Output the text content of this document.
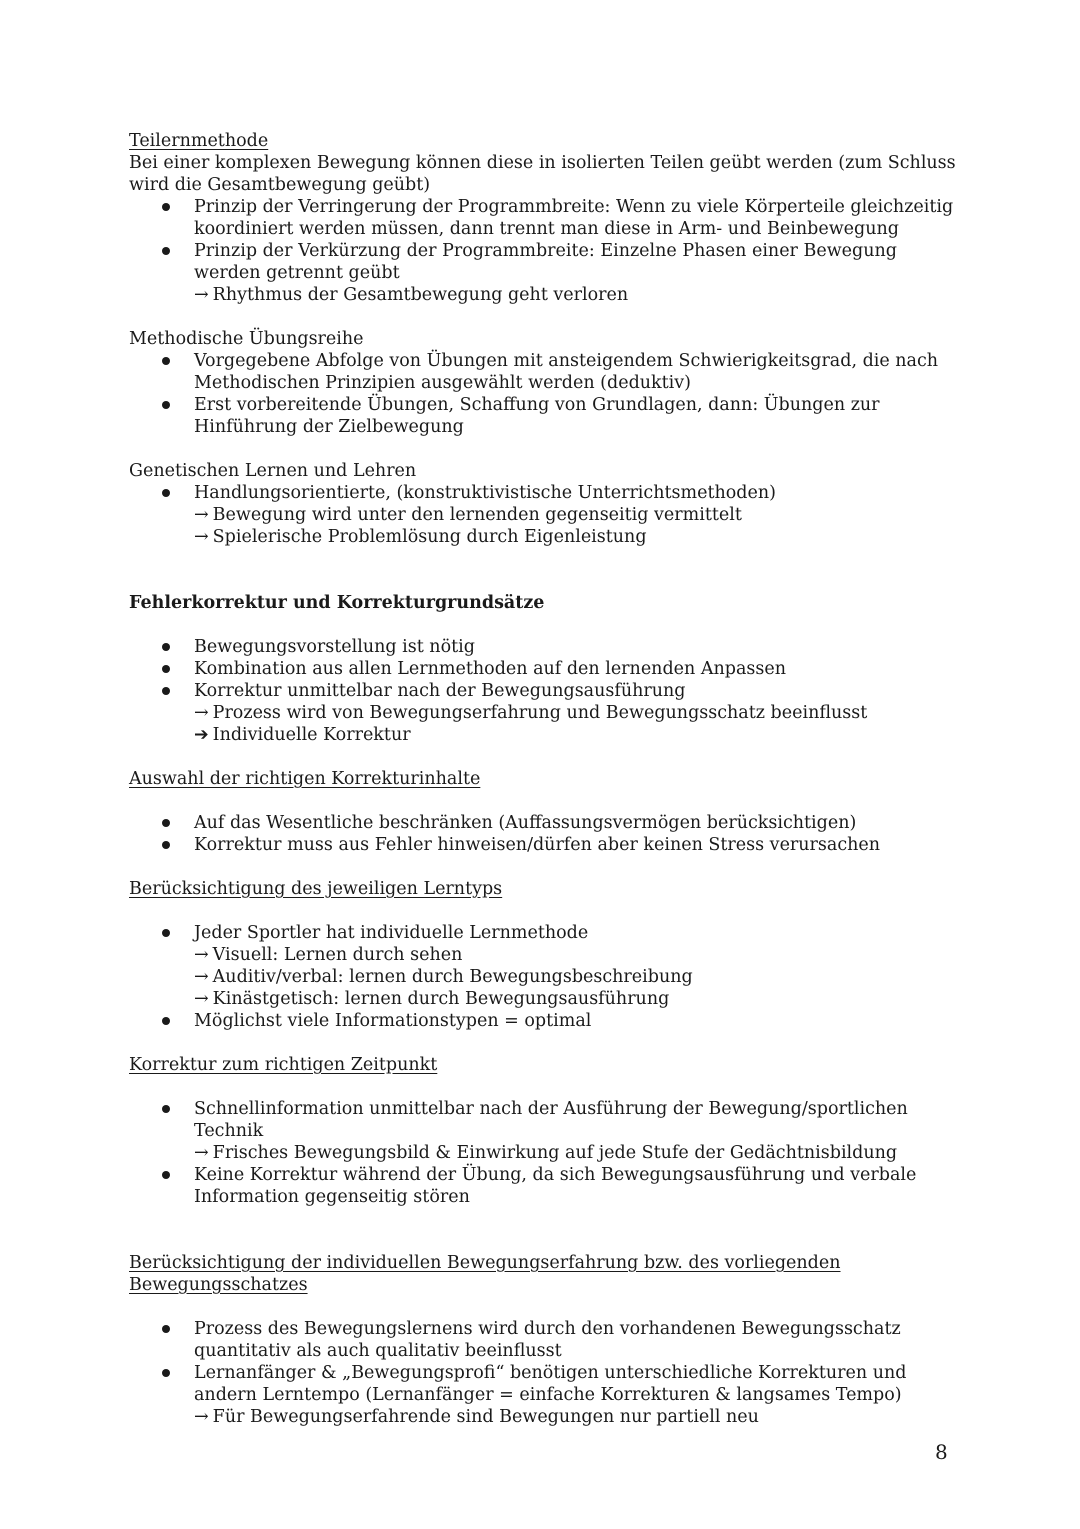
Teilernmethode
Bei einer komplexen Bewegung können diese in isolierten Teilen geübt werden (zum Schluss wird die Gesamtbewegung geübt)
Prinzip der Verringerung der Programmbreite: Wenn zu viele Körperteile gleichzeitig koordiniert werden müssen, dann trennt man diese in Arm- und Beinbewegung
Prinzip der Verkürzung der Programmbreite: Einzelne Phasen einer Bewegung werden getrennt geübt
→ Rhythmus der Gesamtbewegung geht verloren
Methodische Übungsreihe
Vorgegebene Abfolge von Übungen mit ansteigendem Schwierigkeitsgrad, die nach Methodischen Prinzipien ausgewählt werden (deduktiv)
Erst vorbereitende Übungen, Schaffung von Grundlagen, dann: Übungen zur Hinführung der Zielbewegung
Genetischen Lernen und Lehren
Handlungsorientierte, (konstruktivistische Unterrichtsmethoden)
→ Bewegung wird unter den lernenden gegenseitig vermittelt
→ Spielerische Problemlösung durch Eigenleistung
Fehlerkorrektur und Korrekturgrundsätze
Bewegungsvorstellung ist nötig
Kombination aus allen Lernmethoden auf den lernenden Anpassen
Korrektur unmittelbar nach der Bewegungsausführung
→ Prozess wird von Bewegungserfahrung und Bewegungsschatz beeinflusst
➔ Individuelle Korrektur
Auswahl der richtigen Korrekturinhalte
Auf das Wesentliche beschränken (Auffassungsvermögen berücksichtigen)
Korrektur muss aus Fehler hinweisen/dürfen aber keinen Stress verursachen
Berücksichtigung des jeweiligen Lerntyps
Jeder Sportler hat individuelle Lernmethode
→ Visuell: Lernen durch sehen
→ Auditiv/verbal: lernen durch Bewegungsbeschreibung
→ Kinästgetisch: lernen durch Bewegungsausführung
Möglichst viele Informationstypen = optimal
Korrektur zum richtigen Zeitpunkt
Schnellinformation unmittelbar nach der Ausführung der Bewegung/sportlichen Technik
→ Frisches Bewegungsbild & Einwirkung auf jede Stufe der Gedächtnisbildung
Keine Korrektur während der Übung, da sich Bewegungsausführung und verbale Information gegenseitig stören
Berücksichtigung der individuellen Bewegungserfahrung bzw. des vorliegenden Bewegungsschatzes
Prozess des Bewegungslernens wird durch den vorhandenen Bewegungsschatz quantitativ als auch qualitativ beeinflusst
Lernanfänger & „Bewegungsprofi“ benötigen unterschiedliche Korrekturen und andern Lerntempo (Lernanfänger = einfache Korrekturen & langsames Tempo)
→ Für Bewegungserfahrende sind Bewegungen nur partiell neu
8
